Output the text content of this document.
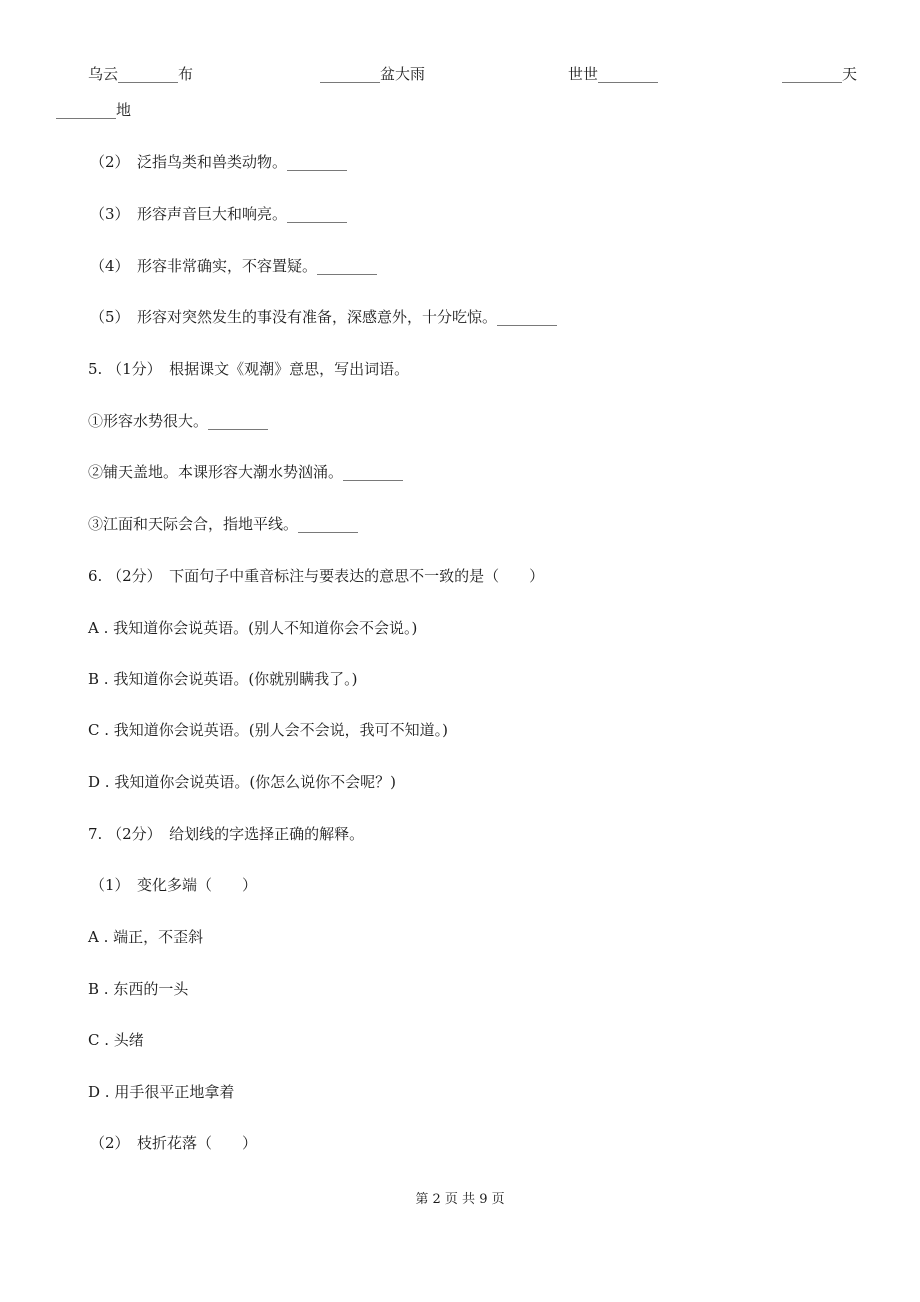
乌云________布	________盆大雨	世世________	________天
________地
（2）　泛指鸟类和兽类动物。________
（3）　形容声音巨大和响亮。________
（4）　形容非常确实，不容置疑。________
（5）　形容对突然发生的事没有准备，深感意外，十分吃惊。________
5. （1分）　根据课文《观潮》意思，写出词语。
①形容水势很大。________
②铺天盖地。本课形容大潮水势汹涌。________
③江面和天际会合，指地平线。________
6. （2分）　下面句子中重音标注与要表达的意思不一致的是（　　）
A . 我知道你会说英语。(别人不知道你会不会说。)
B . 我知道你会说英语。(你就别瞒我了。)
C . 我知道你会说英语。(别人会不会说，我可不知道。)
D . 我知道你会说英语。(你怎么说你不会呢？)
7. （2分）　给划线的字选择正确的解释。
（1）　变化多端（　　）
A . 端正，不歪斜
B . 东西的一头
C . 头绪
D . 用手很平正地拿着
（2）　枝折花落（　　）
第 2 页 共 9 页
